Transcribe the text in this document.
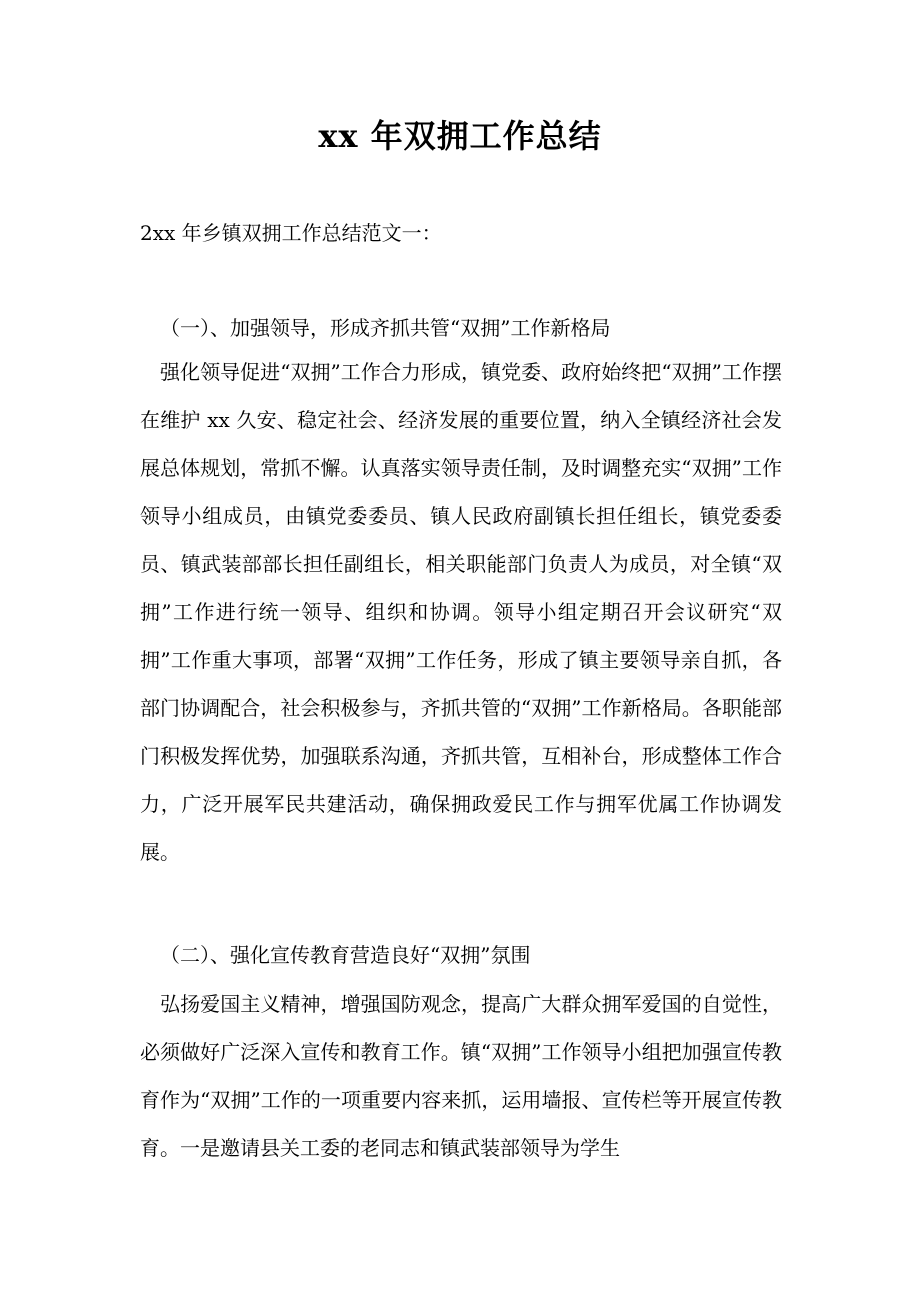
xx 年双拥工作总结
2xx 年乡镇双拥工作总结范文一：
（一）、加强领导，形成齐抓共管“双拥”工作新格局

强化领导促进“双拥”工作合力形成，镇党委、政府始终把“双拥”工作摆在维护 xx 久安、稳定社会、经济发展的重要位置，纳入全镇经济社会发展总体规划，常抓不懈。认真落实领导责任制，及时调整充实“双拥”工作领导小组成员，由镇党委委员、镇人民政府副镇长担任组长，镇党委委员、镇武装部部长担任副组长，相关职能部门负责人为成员，对全镇“双拥”工作进行统一领导、组织和协调。领导小组定期召开会议研究“双拥”工作重大事项，部署“双拥”工作任务，形成了镇主要领导亲自抓，各部门协调配合，社会积极参与，齐抓共管的“双拥”工作新格局。各职能部门积极发挥优势，加强联系沟通，齐抓共管，互相补台，形成整体工作合力，广泛开展军民共建活动，确保拥政爱民工作与拥军优属工作协调发展。

（二）、强化宣传教育营造良好“双拥”氛围

弘扬爱国主义精神，增强国防观念，提高广大群众拥军爱国的自觉性，必须做好广泛深入宣传和教育工作。镇“双拥”工作领导小组把加强宣传教育作为“双拥”工作的一项重要内容来抓，运用墙报、宣传栏等开展宣传教育。一是邀请县关工委的老同志和镇武装部领导为学生
